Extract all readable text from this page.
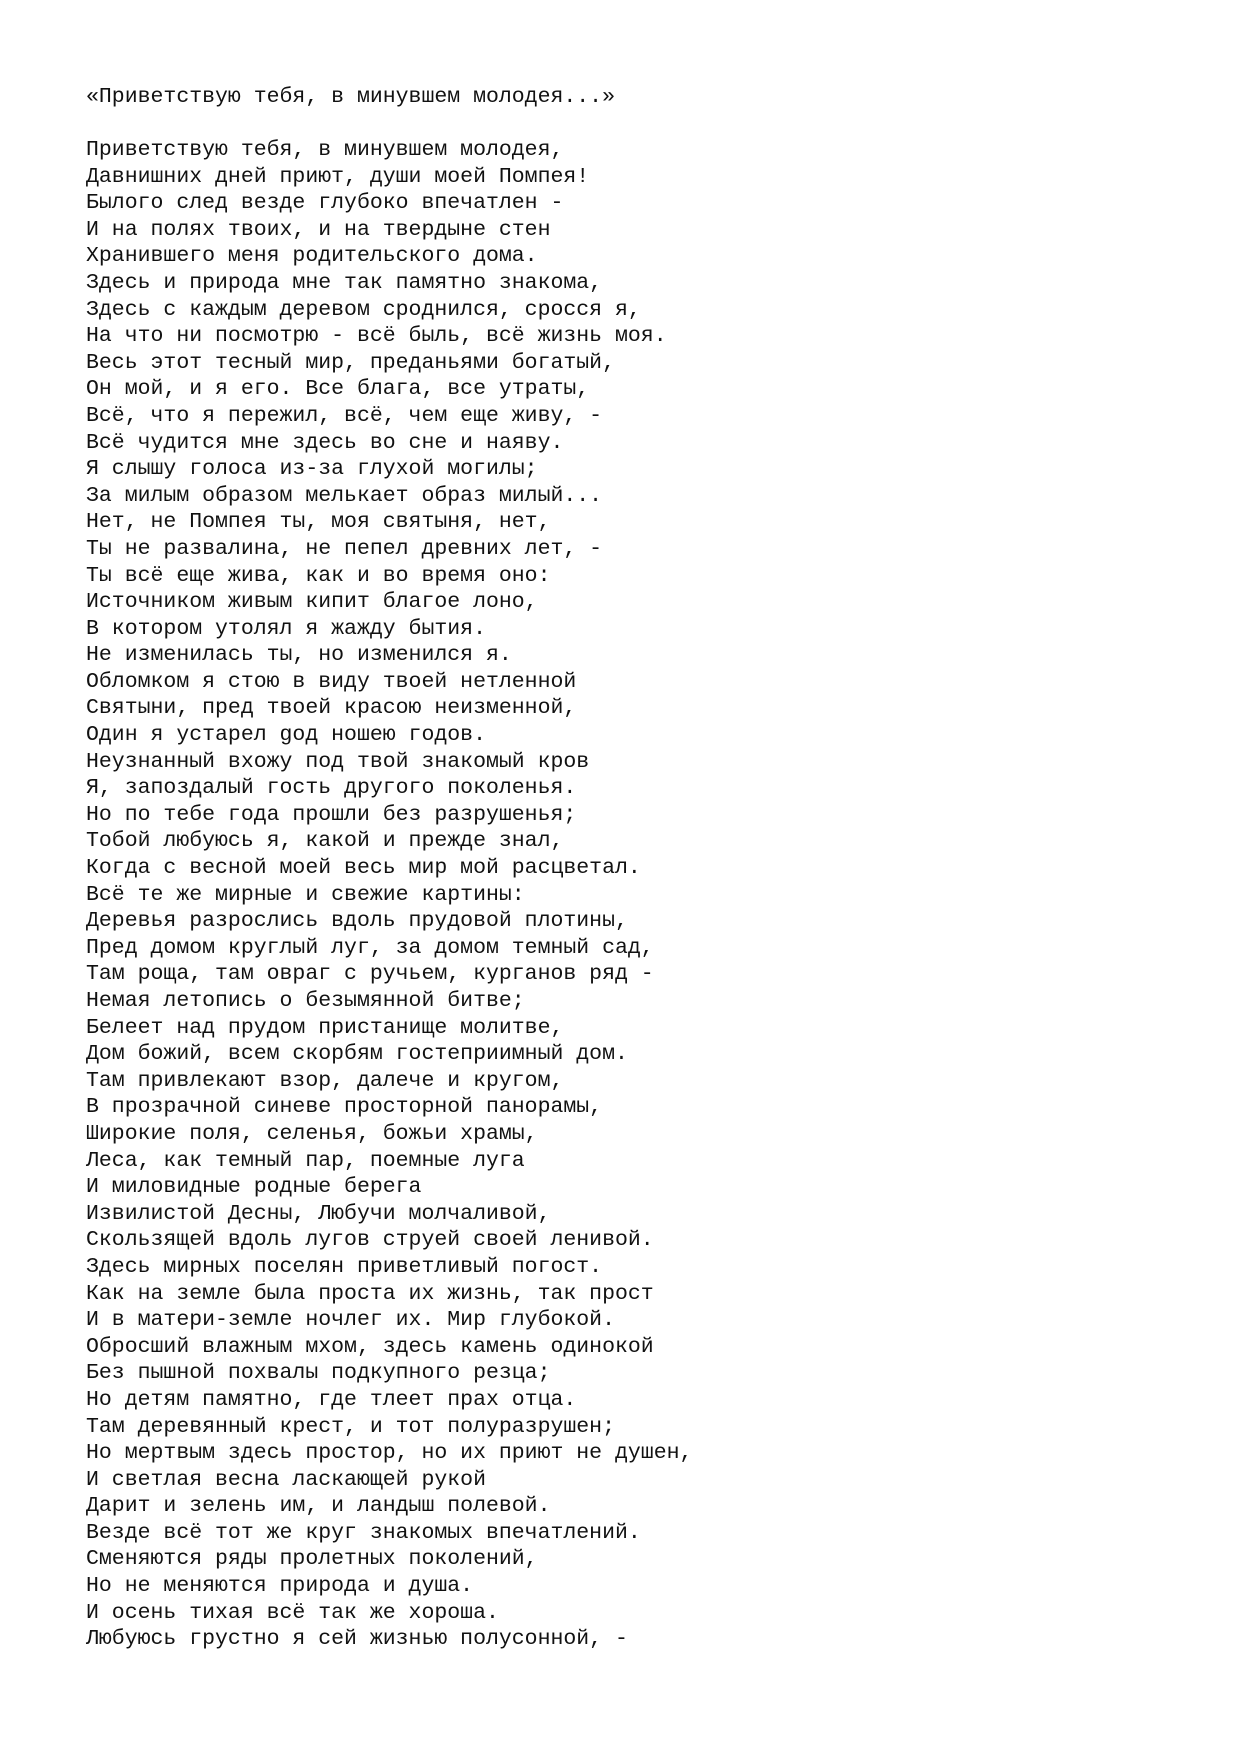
«Приветствую тебя, в минувшем молодея...»
Приветствую тебя, в минувшем молодея,
Давнишних дней приют, души моей Помпея!
Былого след везде глубоко впечатлен -
И на полях твоих, и на твердыне стен
Хранившего меня родительского дома.
Здесь и природа мне так памятно знакома,
Здесь с каждым деревом сроднился, сросся я,
На что ни посмотрю - всё быль, всё жизнь моя.
Весь этот тесный мир, преданьями богатый,
Он мой, и я его. Все блага, все утраты,
Всё, что я пережил, всё, чем еще живу, -
Всё чудится мне здесь во сне и наяву.
Я слышу голоса из-за глухой могилы;
За милым образом мелькает образ милый...
Нет, не Помпея ты, моя святыня, нет,
Ты не развалина, не пепел древних лет, -
Ты всё еще жива, как и во время оно:
Источником живым кипит благое лоно,
В котором утолял я жажду бытия.
Не изменилась ты, но изменился я.
Обломком я стою в виду твоей нетленной
Святыни, пред твоей красою неизменной,
Один я устарел gод ношею годов.
Неузнанный вхожу под твой знакомый кров
Я, запоздалый гость другого поколенья.
Но по тебе года прошли без разрушенья;
Тобой любуюсь я, какой и прежде знал,
Когда с весной моей весь мир мой расцветал.
Всё те же мирные и свежие картины:
Деревья разрослись вдоль прудовой плотины,
Пред домом круглый луг, за домом темный сад,
Там роща, там овраг с ручьем, курганов ряд -
Немая летопись о безымянной битве;
Белеет над прудом пристанище молитве,
Дом божий, всем скорбям гостеприимный дом.
Там привлекают взор, далече и кругом,
В прозрачной синеве просторной панорамы,
Широкие поля, селенья, божьи храмы,
Леса, как темный пар, поемные луга
И миловидные родные берега
Извилистой Десны, Любучи молчаливой,
Скользящей вдоль лугов струей своей ленивой.
Здесь мирных поселян приветливый погост.
Как на земле была проста их жизнь, так прост
И в матери-земле ночлег их. Мир глубокой.
Обросший влажным мхом, здесь камень одинокой
Без пышной похвалы подкупного резца;
Но детям памятно, где тлеет прах отца.
Там деревянный крест, и тот полуразрушен;
Но мертвым здесь простор, но их приют не душен,
И светлая весна ласкающей рукой
Дарит и зелень им, и ландыш полевой.
Везде всё тот же круг знакомых впечатлений.
Сменяются ряды пролетных поколений,
Но не меняются природа и душа.
И осень тихая всё так же хороша.
Любуюсь грустно я сей жизнью полусонной, -
